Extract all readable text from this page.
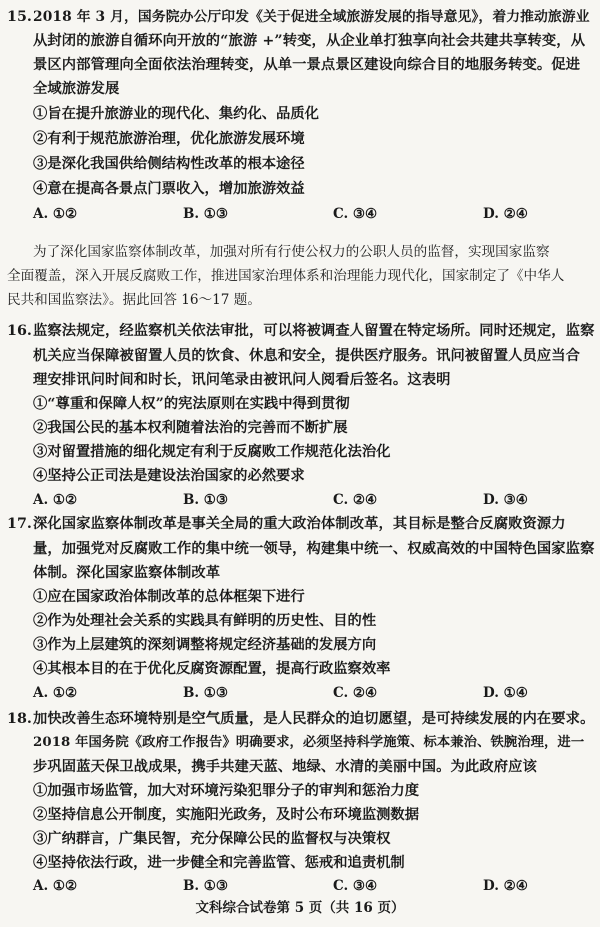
15. 2018 年 3 月，国务院办公厅印发《关于促进全域旅游发展的指导意见》，着力推动旅游业
从封闭的旅游自循环向开放的“旅游 +”转变，从企业单打独享向社会共建共享转变，从
景区内部管理向全面依法治理转变，从单一景点景区建设向综合目的地服务转变。促进
全域旅游发展
①旨在提升旅游业的现代化、集约化、品质化
②有利于规范旅游治理，优化旅游发展环境
③是深化我国供给侧结构性改革的根本途径
④意在提高各景点门票收入，增加旅游效益
A. ①②	B. ①③	C. ③④	D. ②④
为了深化国家监察体制改革，加强对所有行使公权力的公职人员的监督，实现国家监察
全面覆盖，深入开展反腐败工作，推进国家治理体系和治理能力现代化，国家制定了《中华人
民共和国监察法》。据此回答 16～17 题。
16. 监察法规定，经监察机关依法审批，可以将被调查人留置在特定场所。同时还规定，监察
机关应当保障被留置人员的饮食、休息和安全，提供医疗服务。讯问被留置人员应当合
理安排讯问时间和时长，讯问笔录由被讯问人阅看后签名。这表明
①“尊重和保障人权”的宪法原则在实践中得到贯彻
②我国公民的基本权利随着法治的完善而不断扩展
③对留置措施的细化规定有利于反腐败工作规范化法治化
④坚持公正司法是建设法治国家的必然要求
A. ①②	B. ①③	C. ②④	D. ③④
17. 深化国家监察体制改革是事关全局的重大政治体制改革，其目标是整合反腐败资源力
量，加强党对反腐败工作的集中统一领导，构建集中统一、权威高效的中国特色国家监察
体制。深化国家监察体制改革
①应在国家政治体制改革的总体框架下进行
②作为处理社会关系的实践具有鲜明的历史性、目的性
③作为上层建筑的深刻调整将规定经济基础的发展方向
④其根本目的在于优化反腐资源配置，提高行政监察效率
A. ①②	B. ①③	C. ②④	D. ①④
18. 加快改善生态环境特别是空气质量，是人民群众的迫切愿望，是可持续发展的内在要求。
2018 年国务院《政府工作报告》明确要求，必须坚持科学施策、标本兼治、铁腕治理，进一
步巩固蓝天保卫战成果，携手共建天蓝、地绿、水清的美丽中国。为此政府应该
①加强市场监管，加大对环境污染犯罪分子的审判和惩治力度
②坚持信息公开制度，实施阳光政务，及时公布环境监测数据
③广纳群言，广集民智，充分保障公民的监督权与决策权
④坚持依法行政，进一步健全和完善监管、惩戒和追责机制
A. ①②	B. ①③	C. ③④	D. ②④
文科综合试卷第 5 页（共 16 页）
